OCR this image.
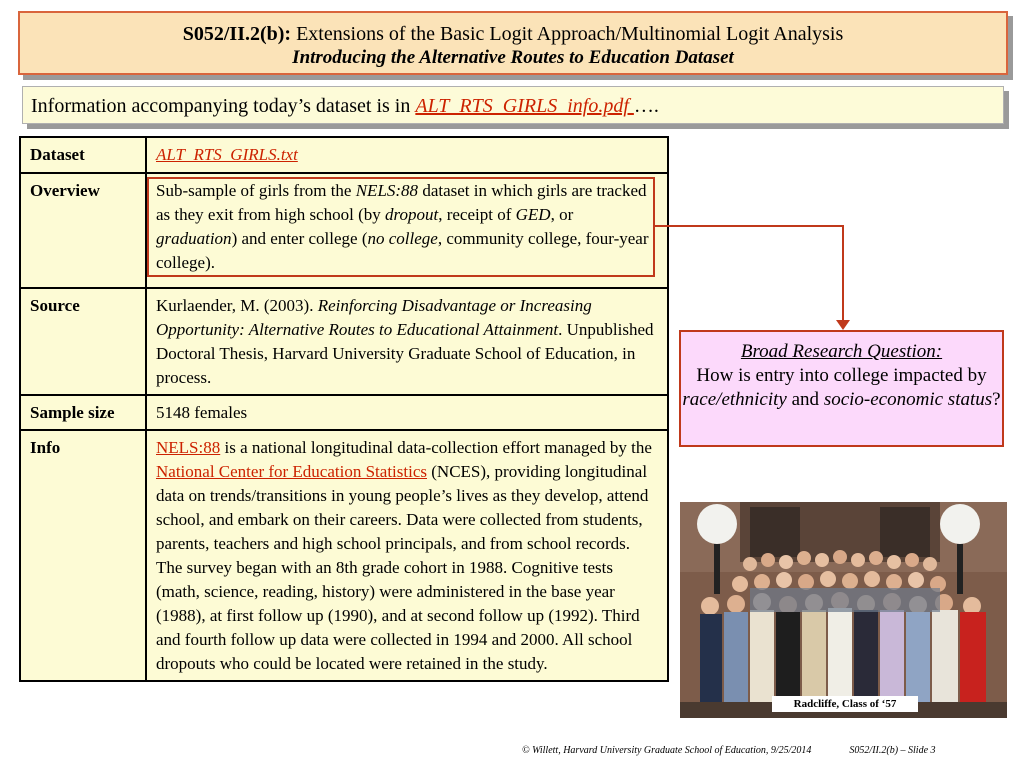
S052/II.2(b): Extensions of the Basic Logit Approach/Multinomial Logit Analysis
Introducing the Alternative Routes to Education Dataset
Information accompanying today’s dataset is in ALT_RTS_GIRLS_info.pdf ….
Dataset	ALT_RTS_GIRLS.txt
Overview	Sub-sample of girls from the NELS:88 dataset in which girls are tracked as they exit from high school (by dropout, receipt of GED, or graduation) and enter college (no college, community college, four-year college).
Source	Kurlaender, M. (2003). Reinforcing Disadvantage or Increasing Opportunity: Alternative Routes to Educational Attainment. Unpublished Doctoral Thesis, Harvard University Graduate School of Education, in process.
Sample size	5148 females
Info	NELS:88 is a national longitudinal data-collection effort managed by the National Center for Education Statistics (NCES), providing longitudinal data on trends/transitions in young people’s lives as they develop, attend school, and embark on their careers. Data were collected from students, parents, teachers and high school principals, and from school records. The survey began with an 8th grade cohort in 1988. Cognitive tests (math, science, reading, history) were administered in the base year (1988), at first follow up (1990), and at second follow up (1992). Third and fourth follow up data were collected in 1994 and 2000. All school dropouts who could be located were retained in the study.
Broad Research Question:
How is entry into college impacted by race/ethnicity and socio-economic status?
Radcliffe, Class of ‘57
© Willett, Harvard University Graduate School of Education, 9/25/2014	S052/II.2(b) – Slide 3
